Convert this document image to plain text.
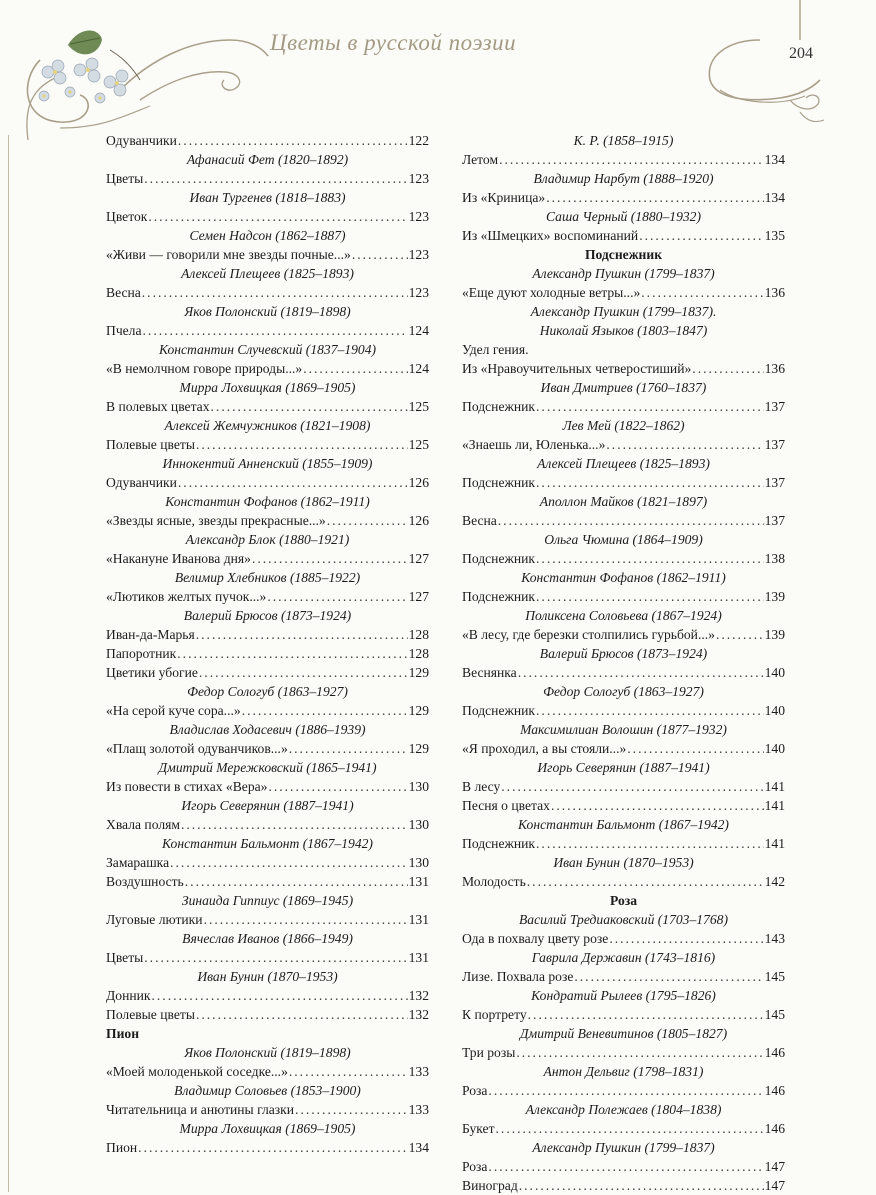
Цветы в русской поэзии	204
Одуванчики .....	122
Афанасий Фет (1820–1892)
Цветы .....	123
Иван Тургенев (1818–1883)
Цветок .....	123
Семен Надсон (1862–1887)
«Живи — говорили мне звезды почные...» .....	123
Алексей Плещеев (1825–1893)
Весна .....	123
Яков Полонский (1819–1898)
Пчела .....	124
Константин Случевский (1837–1904)
«В немолчном говоре природы...» .....	124
Мирра Лохвицкая (1869–1905)
В полевых цветах .....	125
Алексей Жемчужников (1821–1908)
Полевые цветы .....	125
Иннокентий Анненский (1855–1909)
Одуванчики .....	126
Константин Фофанов (1862–1911)
«Звезды ясные, звезды прекрасные...» .....	126
Александр Блок (1880–1921)
«Накануне Иванова дня» .....	127
Велимир Хлебников (1885–1922)
«Лютиков желтых пучок...» .....	127
Валерий Брюсов (1873–1924)
Иван-да-Марья .....	128
Папоротник .....	128
Цветики убогие .....	129
Федор Сологуб (1863–1927)
«На серой куче сора...» .....	129
Владислав Ходасевич (1886–1939)
«Плащ золотой одуванчиков...» .....	129
Дмитрий Мережковский (1865–1941)
Из повести в стихах «Вера» .....	130
Игорь Северянин (1887–1941)
Хвала полям .....	130
Константин Бальмонт (1867–1942)
Замарашка .....	130
Воздушность .....	131
Зинаида Гиппиус (1869–1945)
Луговые лютики .....	131
Вячеслав Иванов (1866–1949)
Цветы .....	131
Иван Бунин (1870–1953)
Донник .....	132
Полевые цветы .....	132
Пион
Яков Полонский (1819–1898)
«Моей молоденькой соседке...» .....	133
Владимир Соловьев (1853–1900)
Читательница и анютины глазки .....	133
Мирра Лохвицкая (1869–1905)
Пион .....	134
К. Р. (1858–1915)
Летом .....	134
Владимир Нарбут (1888–1920)
Из «Криница» .....	134
Саша Черный (1880–1932)
Из «Шмецких» воспоминаний .....	135
Подснежник
Александр Пушкин (1799–1837)
«Еще дуют холодные ветры...» .....	136
Александр Пушкин (1799–1837).
Николай Языков (1803–1847)
Удел гения.
Из «Нравоучительных четверостиший» .....	136
Иван Дмитриев (1760–1837)
Подснежник .....	137
Лев Мей (1822–1862)
«Знаешь ли, Юленька...» .....	137
Алексей Плещеев (1825–1893)
Подснежник .....	137
Аполлон Майков (1821–1897)
Весна .....	137
Ольга Чюмина (1864–1909)
Подснежник .....	138
Константин Фофанов (1862–1911)
Подснежник .....	139
Поликсена Соловьева (1867–1924)
«В лесу, где березки столпились гурьбой...» .....	139
Валерий Брюсов (1873–1924)
Веснянка .....	140
Федор Сологуб (1863–1927)
Подснежник .....	140
Максимилиан Волошин (1877–1932)
«Я проходил, а вы стояли...» .....	140
Игорь Северянин (1887–1941)
В лесу .....	141
Песня о цветах .....	141
Константин Бальмонт (1867–1942)
Подснежник .....	141
Иван Бунин (1870–1953)
Молодость .....	142
Роза
Василий Тредиаковский (1703–1768)
Ода в похвалу цвету розе .....	143
Гаврила Державин (1743–1816)
Лизе. Похвала розе .....	145
Кондратий Рылеев (1795–1826)
К портрету .....	145
Дмитрий Веневитинов (1805–1827)
Три розы .....	146
Антон Дельвиг (1798–1831)
Роза .....	146
Александр Полежаев (1804–1838)
Букет .....	146
Александр Пушкин (1799–1837)
Роза .....	147
Виноград .....	147
